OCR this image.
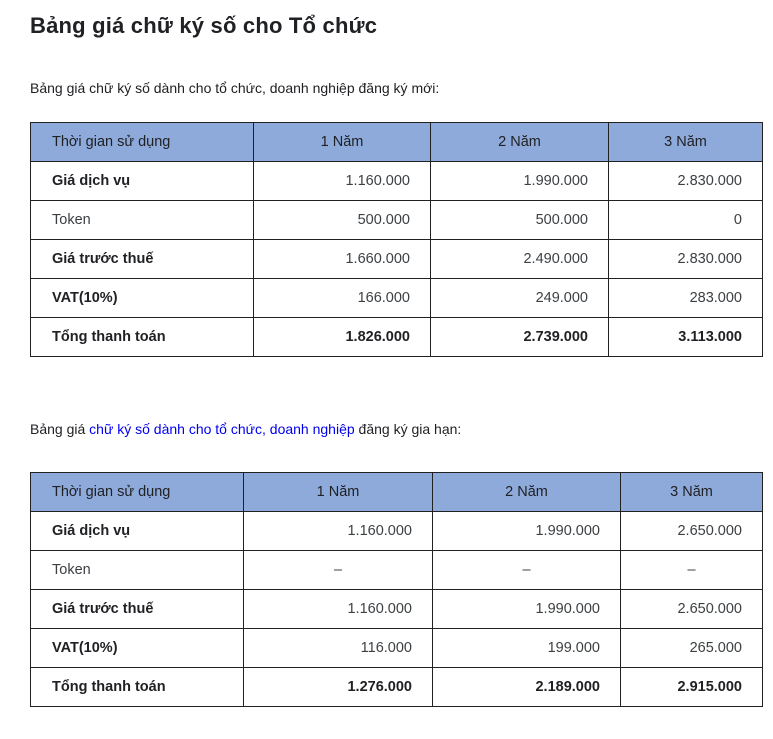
Bảng giá chữ ký số cho Tổ chức

Bảng giá chữ ký số dành cho tổ chức, doanh nghiệp đăng ký mới:

Thời gian sử dụng	1 Năm	2 Năm	3 Năm
Giá dịch vụ	1.160.000	1.990.000	2.830.000
Token	500.000	500.000	0
Giá trước thuế	1.660.000	2.490.000	2.830.000
VAT(10%)	166.000	249.000	283.000
Tổng thanh toán	1.826.000	2.739.000	3.113.000

Bảng giá chữ ký số dành cho tổ chức, doanh nghiệp đăng ký gia hạn:

Thời gian sử dụng	1 Năm	2 Năm	3 Năm
Giá dịch vụ	1.160.000	1.990.000	2.650.000
Token	–	–	–
Giá trước thuế	1.160.000	1.990.000	2.650.000
VAT(10%)	116.000	199.000	265.000
Tổng thanh toán	1.276.000	2.189.000	2.915.000
